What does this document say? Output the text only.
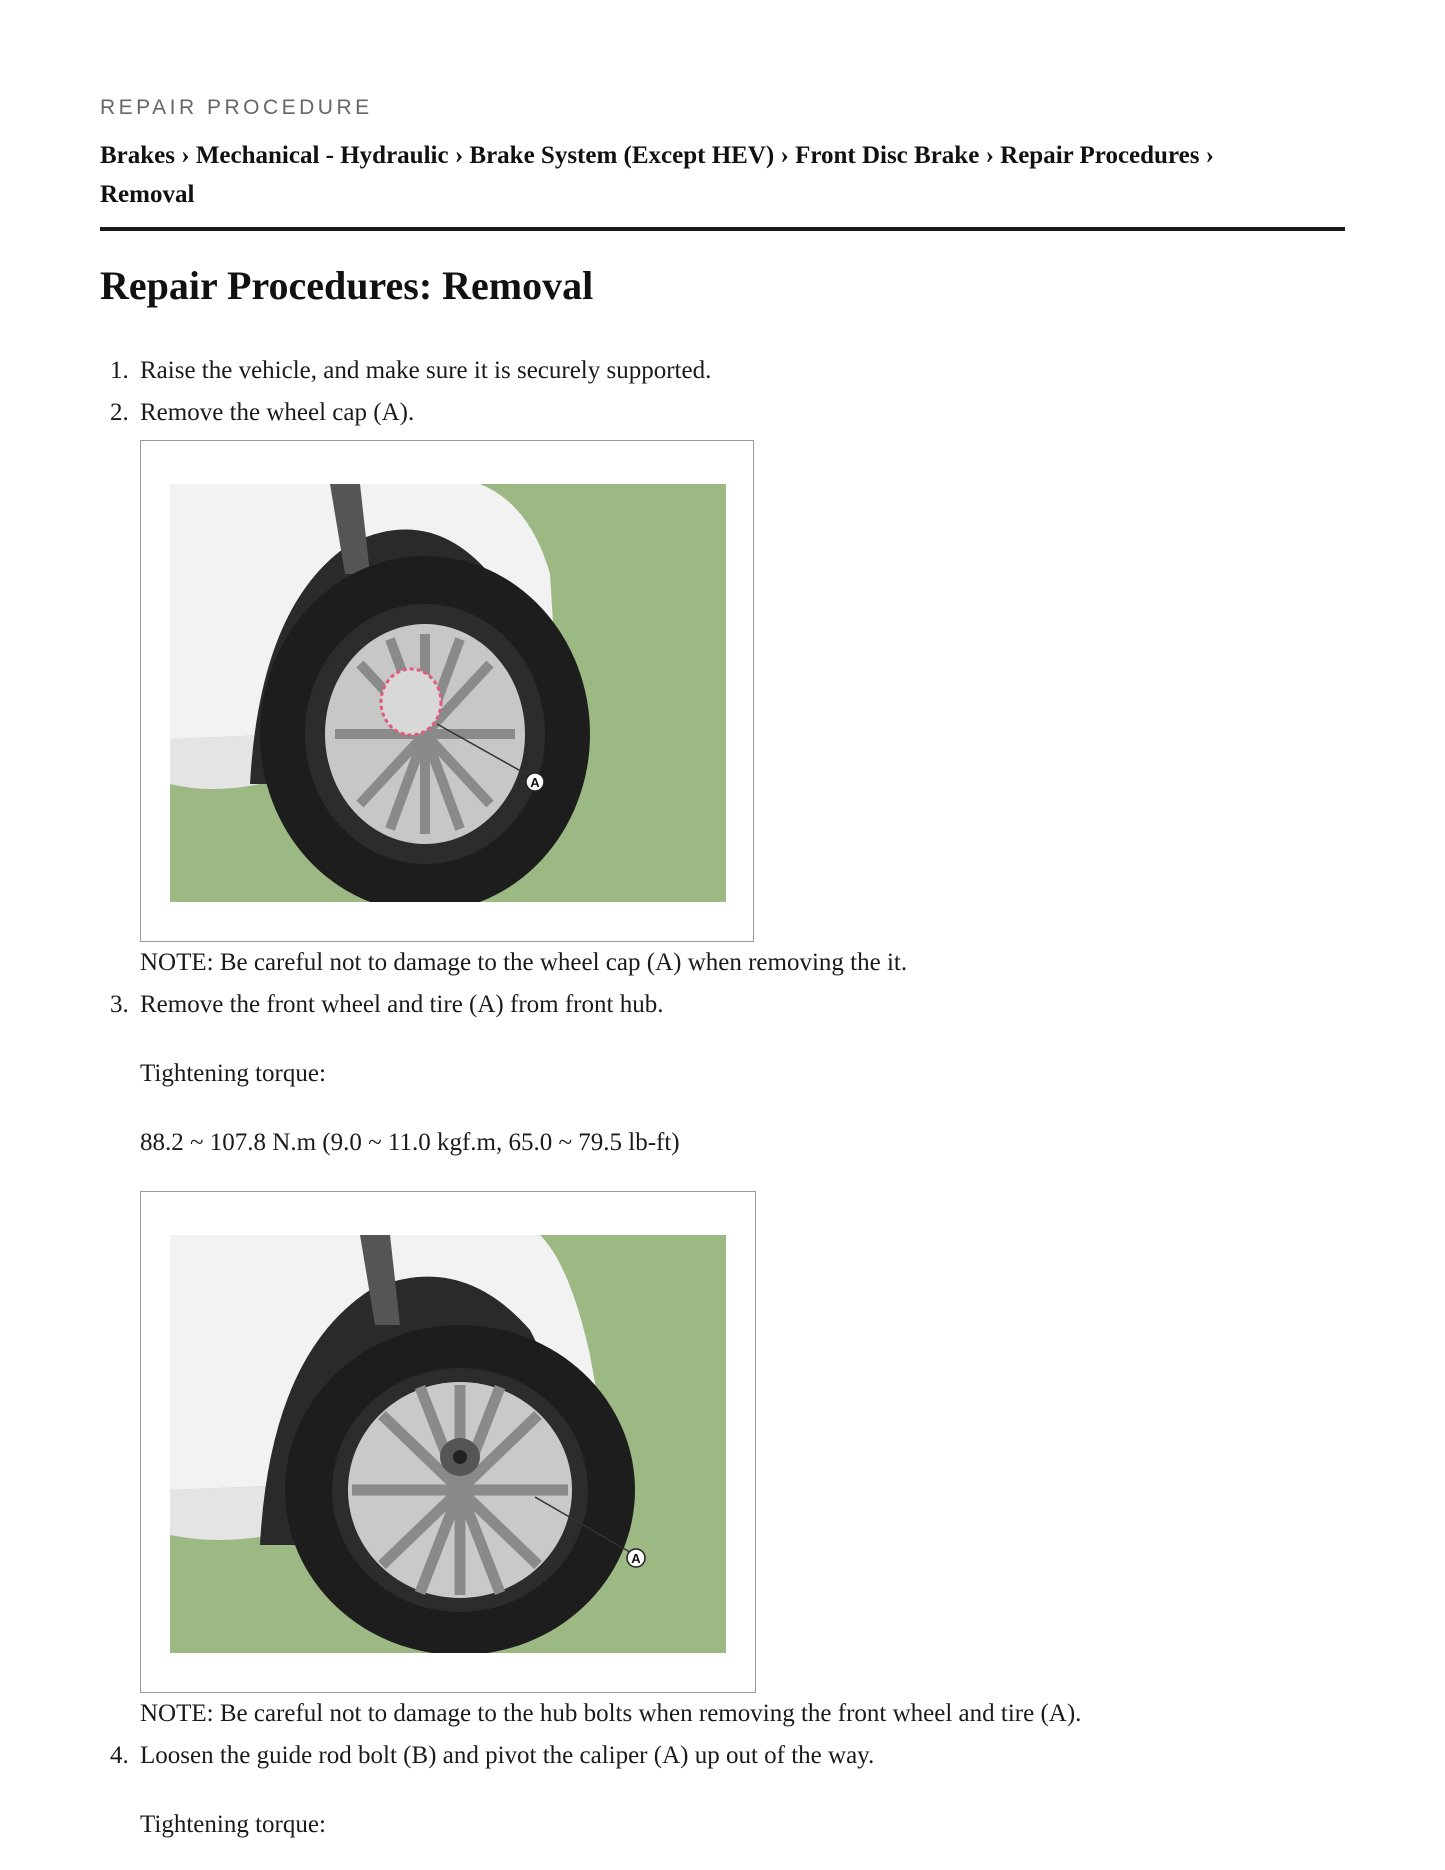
REPAIR PROCEDURE
Brakes › Mechanical - Hydraulic › Brake System (Except HEV) › Front Disc Brake › Repair Procedures ›
Removal
Repair Procedures: Removal
1. Raise the vehicle, and make sure it is securely supported.

2. Remove the wheel cap (A).

A

NOTE: Be careful not to damage to the wheel cap (A) when removing the it.

3. Remove the front wheel and tire (A) from front hub.

Tightening torque:

88.2 ~ 107.8 N.m (9.0 ~ 11.0 kgf.m, 65.0 ~ 79.5 lb-ft)

A

NOTE: Be careful not to damage to the hub bolts when removing the front wheel and tire (A).

4. Loosen the guide rod bolt (B) and pivot the caliper (A) up out of the way.

Tightening torque:
